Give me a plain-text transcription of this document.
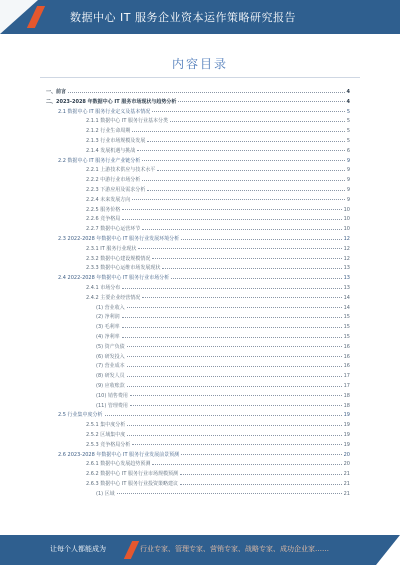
数据中心 IT 服务企业资本运作策略研究报告
内容目录
一、前言	4
二、2023-2028 年数据中心 IT 服务市场现状与趋势分析	4
2.1 数据中心 IT 服务行业定义及基本情况	5
2.1.1 数据中心 IT 服务行业基本分类	5
2.1.2 行业生命周期	5
2.1.3 行业市场规模及发展	5
2.1.4 发展机遇与挑战	6
2.2 数据中心 IT 服务行业产业链分析	9
2.2.1 上游技术供应与技术水平	9
2.2.2 中游行业市场分析	9
2.2.3 下游应用及需求分析	9
2.2.4 未来发展方向	9
2.2.5 服务价格	10
2.2.6 竞争格局	10
2.2.7 数据中心运营环节	10
2.3 2022-2028 年数据中心 IT 服务行业发展环境分析	12
2.3.1 IT 服务行业现状	12
2.3.2 数据中心建设规模情况	12
2.3.3 数据中心运维市场发展现状	13
2.4 2022-2028 年数据中心 IT 服务行业市场分析	13
2.4.1 市场分布	13
2.4.2 主要企业经营情况	14
(1) 营业收入	14
(2) 净利润	15
(3) 毛利率	15
(4) 净利率	15
(5) 资产负债	16
(6) 研发投入	16
(7) 营业成本	16
(8) 研发人员	17
(9) 应收账款	17
(10) 销售费用	18
(11) 管理费用	18
2.5 行业集中度分析	19
2.5.1 集中度分析	19
2.5.2 区域集中度	19
2.5.3 竞争格局分析	19
2.6 2023-2028 年数据中心 IT 服务行业发展前景预测	20
2.6.1 数据中心发展趋势预测	20
2.6.2 数据中心 IT 服务行业市场规模预测	21
2.6.3 数据中心 IT 服务行业投资策略建议	21
(1) 区域	21
让每个人都能成为	行业专家、管理专家、营销专家、战略专家、成功企业家……
